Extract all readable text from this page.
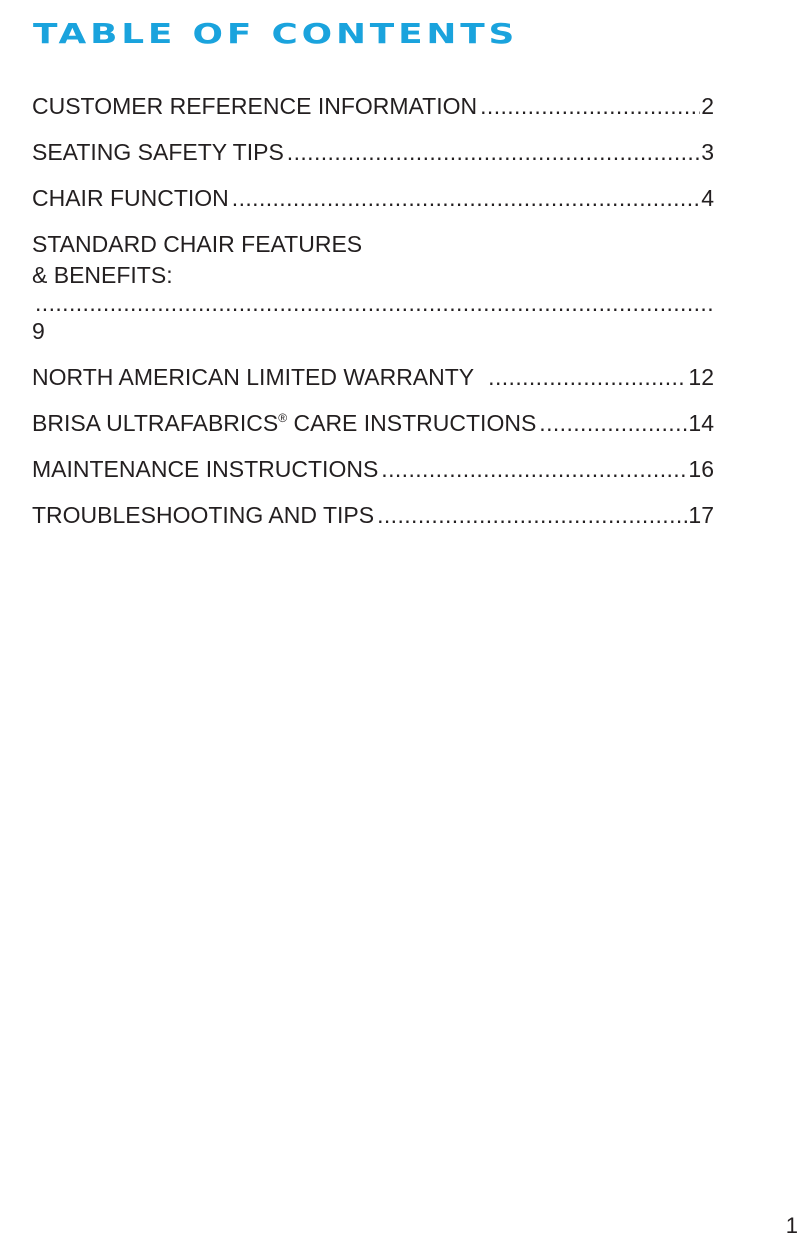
TABLE OF CONTENTS
CUSTOMER REFERENCE INFORMATION .....	2
SEATING SAFETY TIPS .....	3
CHAIR FUNCTION .....	4
STANDARD CHAIR FEATURES
& BENEFITS:
.....
9
NORTH AMERICAN LIMITED WARRANTY .....	12
BRISA ULTRAFABRICS® CARE INSTRUCTIONS .....	14
MAINTENANCE INSTRUCTIONS .....	16
TROUBLESHOOTING AND TIPS .....	17
1
